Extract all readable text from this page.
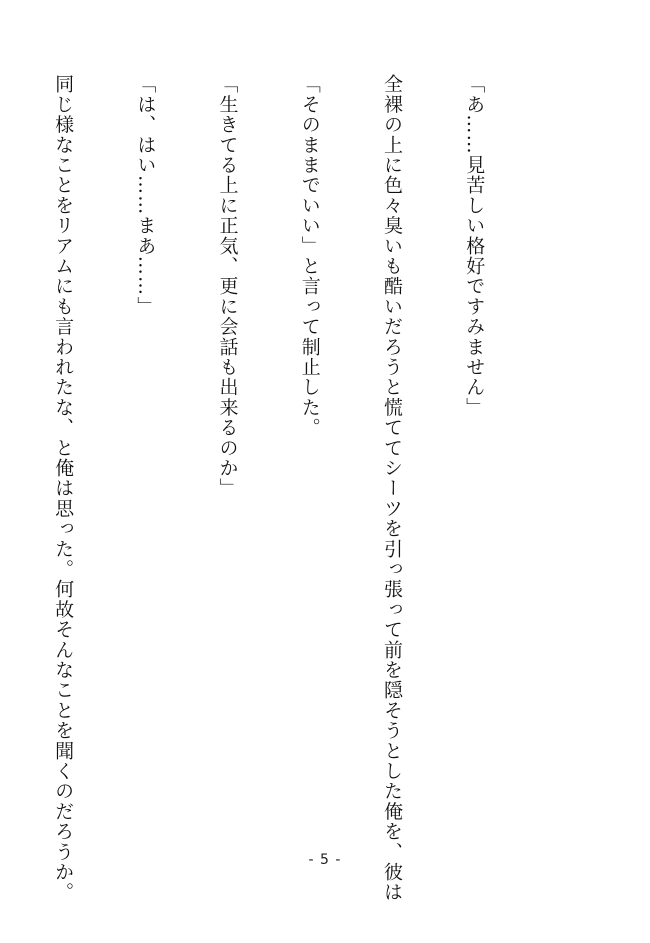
「あ……見苦しい格好ですみません」

全裸の上に色々臭いも酷いだろうと慌ててシーツを引っ張って前を隠そうとした俺を、彼は

「そのままでいい」と言って制止した。

「生きてる上に正気、更に会話も出来るのか」

「は、はい……まあ……」

同じ様なことをリアムにも言われたな、と俺は思った。何故そんなことを聞くのだろうか。

	- 5 -
